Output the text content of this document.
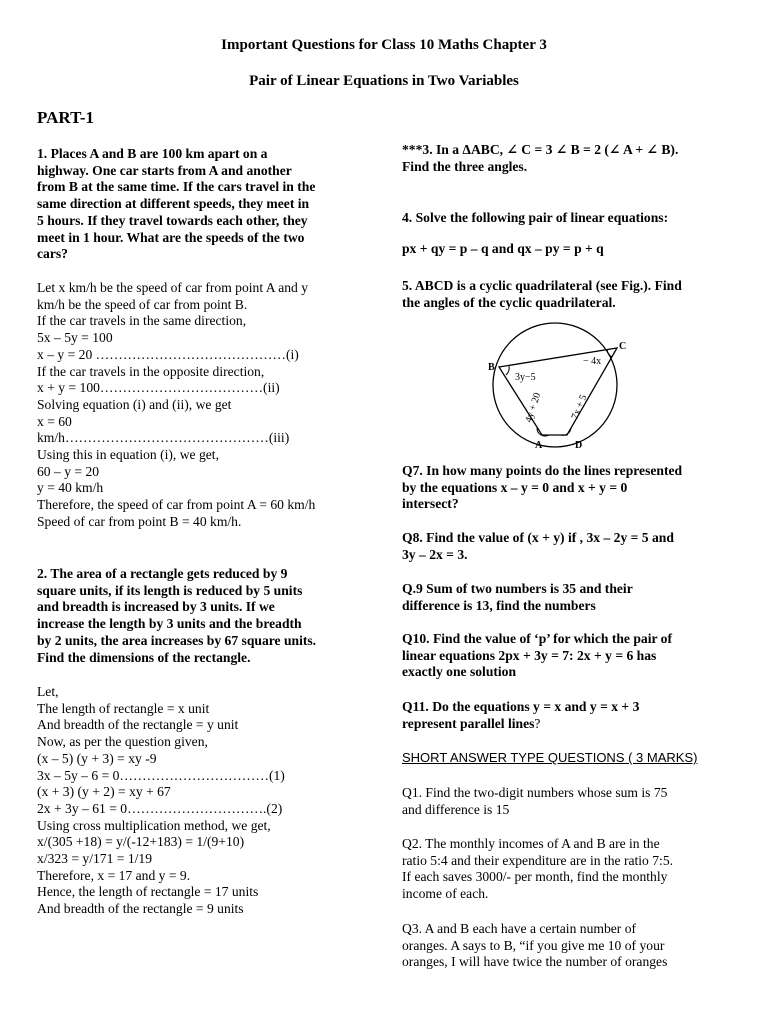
Important Questions for Class 10 Maths Chapter 3
Pair of Linear Equations in Two Variables
PART-1

1. Places A and B are 100 km apart on a

highway. One car starts from A and another

from B at the same time. If the cars travel in the

same direction at different speeds, they meet in

5 hours. If they travel towards each other, they

meet in 1 hour. What are the speeds of the two

cars?

Let x km/h be the speed of car from point A and y

km/h be the speed of car from point B.

If the car travels in the same direction,

5x – 5y = 100

x – y = 20 ……………………………………(i)

If the car travels in the opposite direction,

x + y = 100………………………………(ii)

Solving equation (i) and (ii), we get

x = 60

km/h………………………………………(iii)

Using this in equation (i), we get,

60 – y = 20

y = 40 km/h

Therefore, the speed of car from point A = 60 km/h

Speed of car from point B = 40 km/h.

2. The area of a rectangle gets reduced by 9

square units, if its length is reduced by 5 units

and breadth is increased by 3 units. If we

increase the length by 3 units and the breadth

by 2 units, the area increases by 67 square units.

Find the dimensions of the rectangle.

Let,

The length of rectangle = x unit

And breadth of the rectangle = y unit

Now, as per the question given,

(x – 5) (y + 3) = xy -9

3x – 5y – 6 = 0……………………………(1)

(x + 3) (y + 2) = xy + 67

2x + 3y – 61 = 0………………………….(2)

Using cross multiplication method, we get,

x/(305 +18) = y/(-12+183) = 1/(9+10)

x/323 = y/171 = 1/19

Therefore, x = 17 and y = 9.

Hence, the length of rectangle = 17 units

And breadth of the rectangle = 9 units

***3. In a ΔABC, ∠ C = 3 ∠ B = 2 (∠ A + ∠ B).

Find the three angles.

4. Solve the following pair of linear equations:

px + qy = p – q and qx – py = p + q

5. ABCD is a cyclic quadrilateral (see Fig.). Find

the angles of the cyclic quadrilateral.

Q7. In how many points do the lines represented

by the equations x – y = 0 and x + y = 0

intersect?

Q8. Find the value of (x + y) if , 3x – 2y = 5 and

3y – 2x = 3.

Q.9 Sum of two numbers is 35 and their

difference is 13, find the numbers

Q10. Find the value of ‘p’ for which the pair of

linear equations 2px + 3y = 7: 2x + y = 6 has

exactly one solution

Q11. Do the equations y = x and y = x + 3

represent parallel lines?

SHORT ANSWER TYPE QUESTIONS ( 3 MARKS)

Q1. Find the two-digit numbers whose sum is 75

and difference is 15

Q2. The monthly incomes of A and B are in the

ratio 5:4 and their expenditure are in the ratio 7:5.

If each saves 3000/- per month, find the monthly

income of each.

Q3. A and B each have a certain number of

oranges. A says to B, “if you give me 10 of your

oranges, I will have twice the number of oranges

B
C
A	D
3y−5
− 4x
4y + 20	7x + 5
